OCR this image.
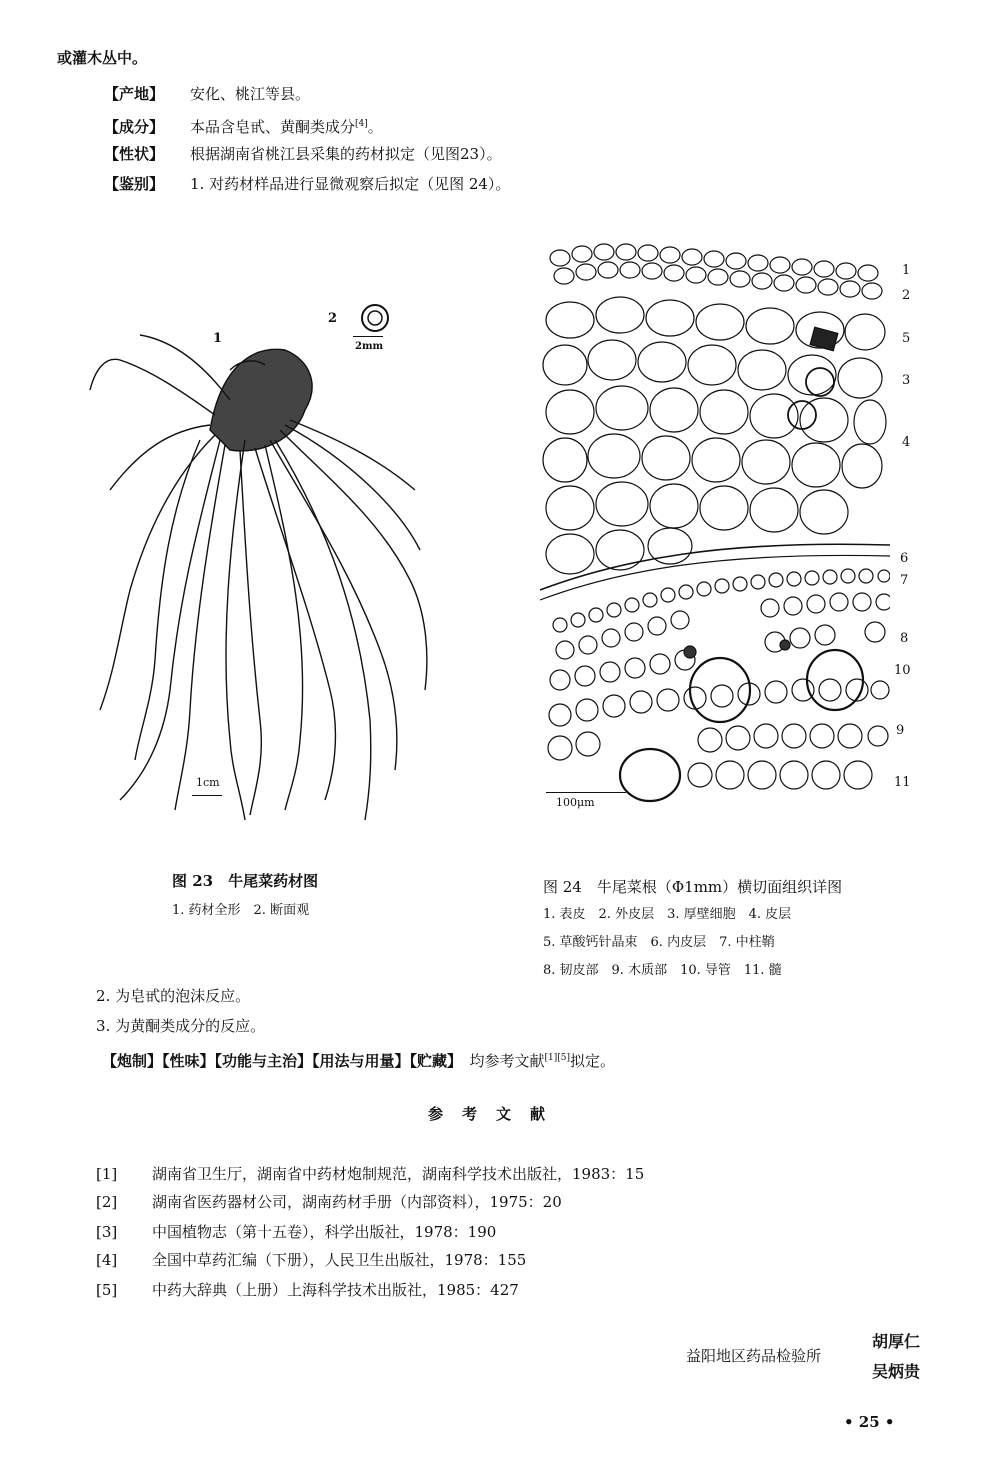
或灌木丛中。
【产地】 安化、桃江等县。
【成分】 本品含皂甙、黄酮类成分[4]。
【性状】 根据湖南省桃江县采集的药材拟定（见图23）。
【鉴别】 1. 对药材样品进行显微观察后拟定（见图 24）。
2
1
2mm
1cm
1
2
5
3
4
6
7
8
10
9
11
100μm
图 23　牛尾菜药材图
1. 药材全形　2. 断面观
图 24　牛尾菜根（Φ1mm）横切面组织详图
1. 表皮　2. 外皮层　3. 厚壁细胞　4. 皮层
5. 草酸钙针晶束　6. 内皮层　7. 中柱鞘
8. 韧皮部　9. 木质部　10. 导管　11. 髓
2. 为皂甙的泡沫反应。
3. 为黄酮类成分的反应。
【炮制】【性味】【功能与主治】【用法与用量】【贮藏】　 均参考文献[1][5]拟定。
参　考　文　献
[1] 湖南省卫生厅，湖南省中药材炮制规范，湖南科学技术出版社，1983：15
[2] 湖南省医药器材公司，湖南药材手册（内部资料），1975：20
[3] 中国植物志（第十五卷），科学出版社，1978：190
[4] 全国中草药汇编（下册），人民卫生出版社，1978：155
[5] 中药大辞典（上册）上海科学技术出版社，1985：427
益阳地区药品检验所
胡厚仁
吴炳贵
• 25 •
